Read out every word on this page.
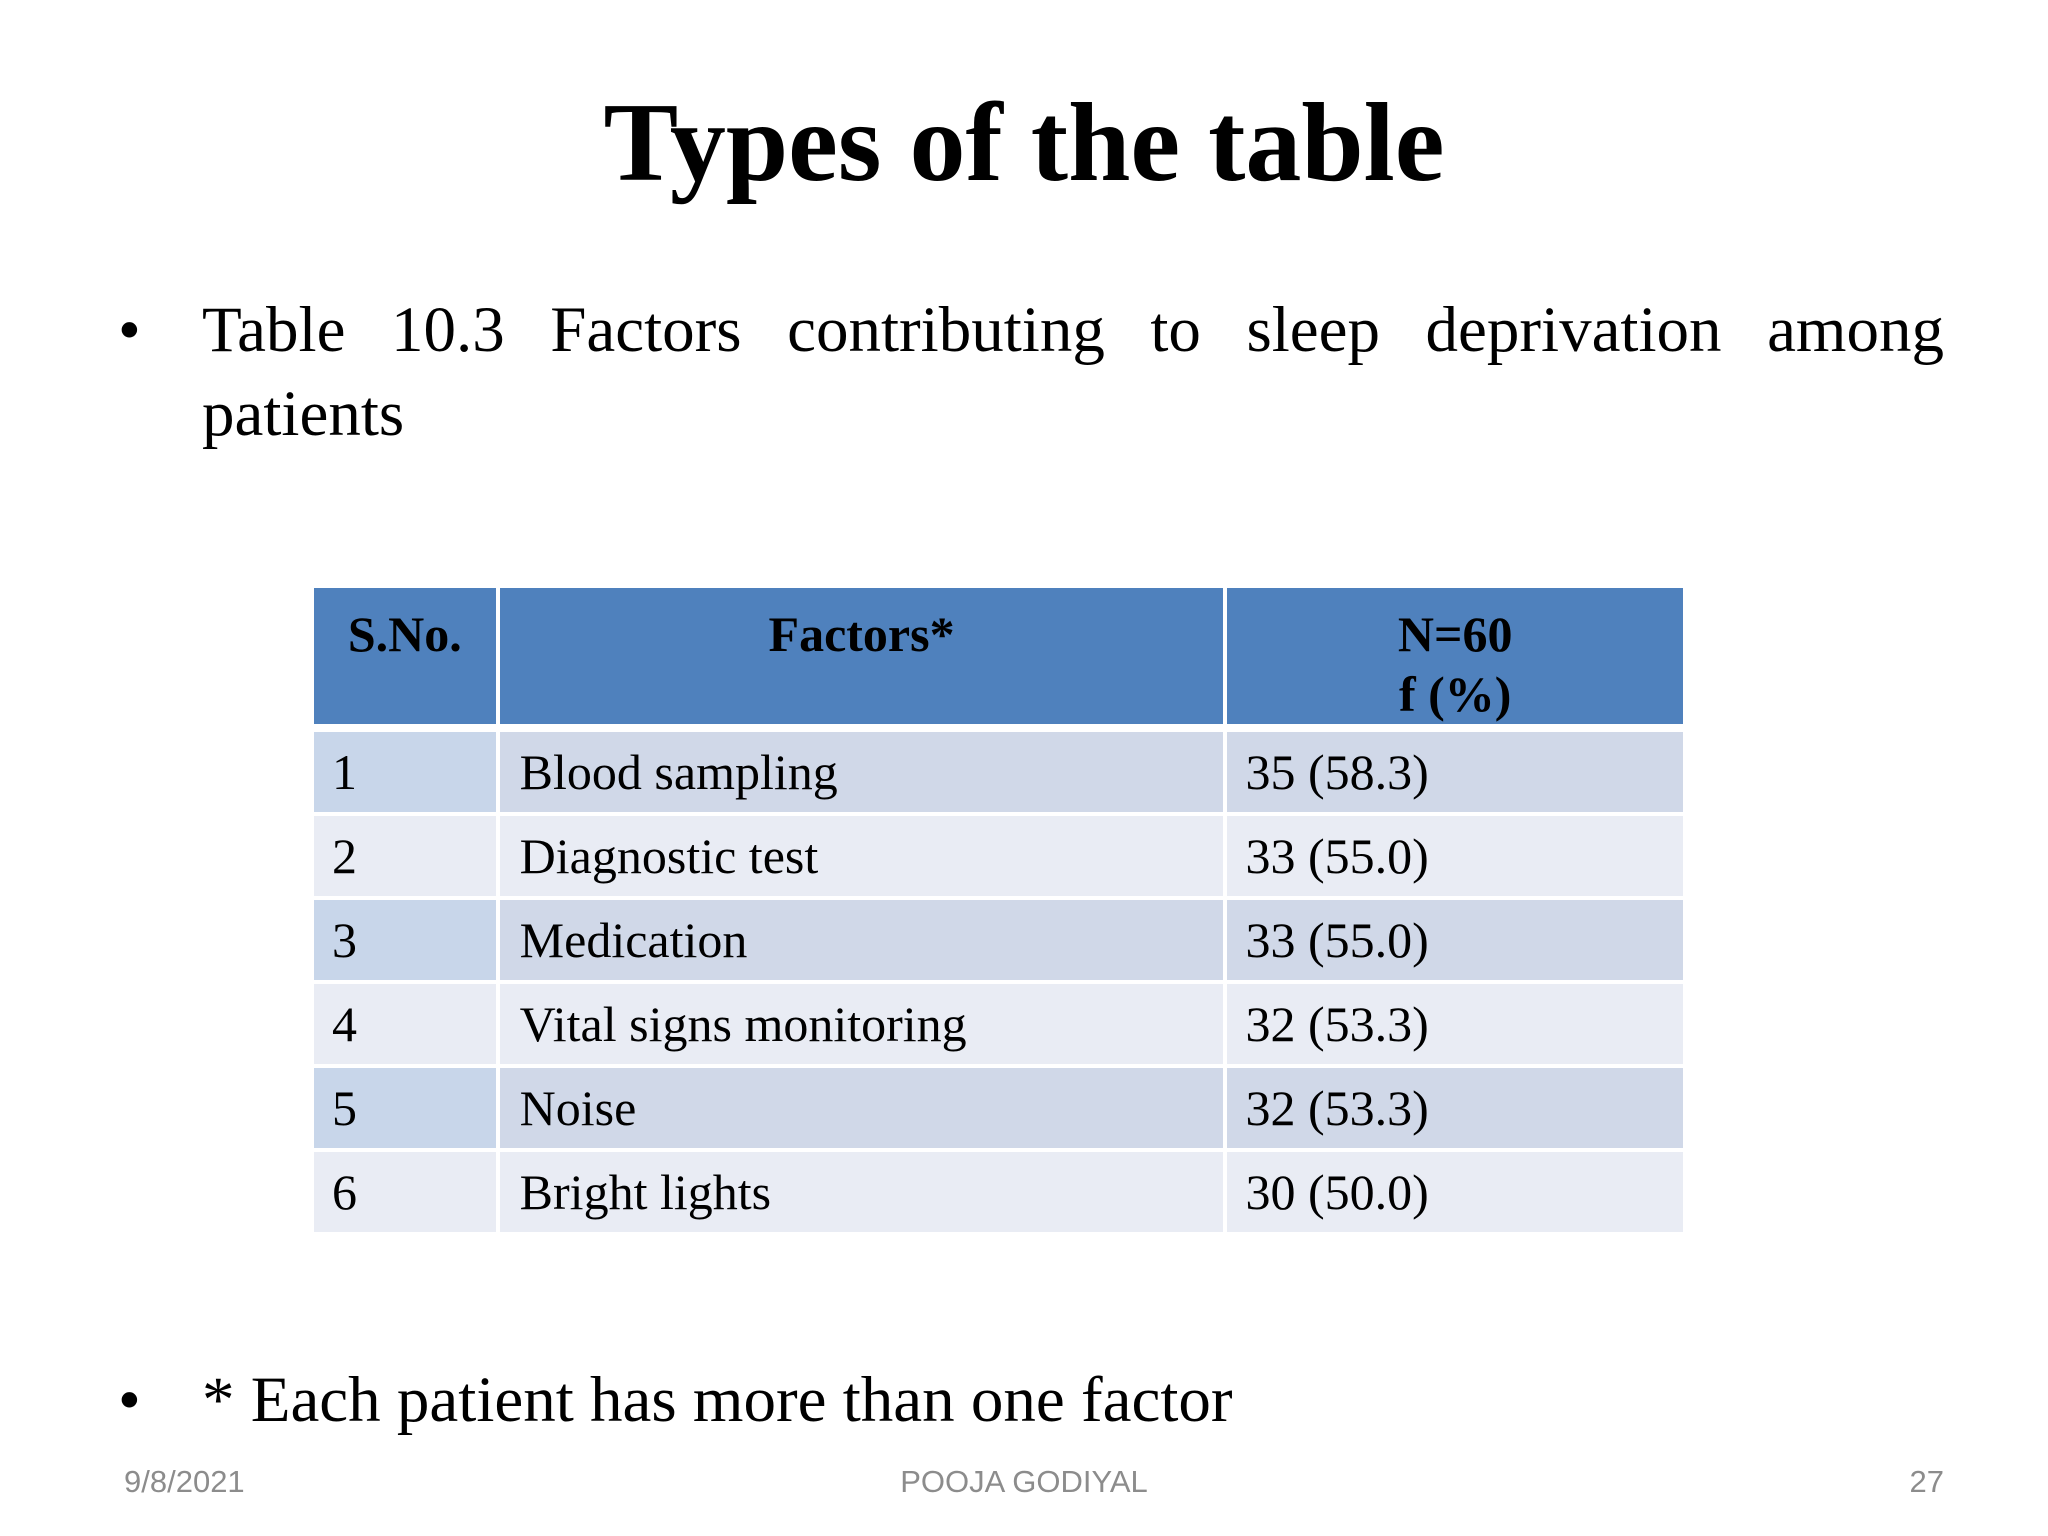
Types of the table
• Table 10.3 Factors contributing to sleep deprivation among
patients
S.No.	Factors*	N=60
f (%)
1	Blood sampling	35 (58.3)
2	Diagnostic test	33 (55.0)
3	Medication	33 (55.0)
4	Vital signs monitoring	32 (53.3)
5	Noise	32 (53.3)
6	Bright lights	30 (50.0)
• * Each patient has more than one factor
9/8/2021	POOJA GODIYAL	27
